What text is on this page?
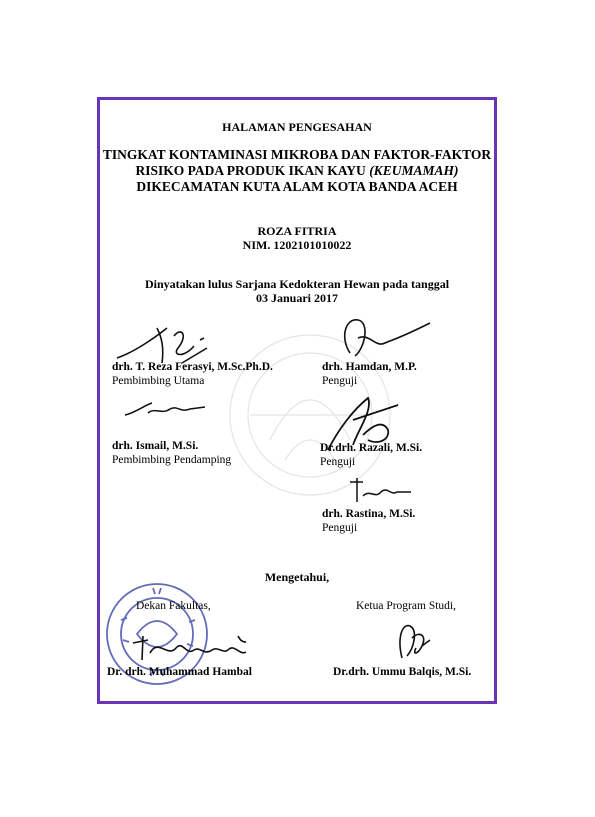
HALAMAN PENGESAHAN
TINGKAT KONTAMINASI MIKROBA DAN FAKTOR-FAKTOR
RISIKO PADA PRODUK IKAN KAYU (KEUMAMAH)
DIKECAMATAN KUTA ALAM KOTA BANDA ACEH
ROZA FITRIA
NIM. 1202101010022
Dinyatakan lulus Sarjana Kedokteran Hewan pada tanggal
03 Januari 2017
drh. T. Reza Ferasyi, M.Sc.Ph.D.
Pembimbing Utama
drh. Hamdan, M.P.
Penguji
drh. Ismail, M.Si.
Pembimbing Pendamping
Dr.drh. Razali, M.Si.
Penguji
drh. Rastina, M.Si.
Penguji
Mengetahui,
Dekan Fakultas,	Ketua Program Studi,
Dr. drh. Muhammad Hambal	Dr.drh. Ummu Balqis, M.Si.
